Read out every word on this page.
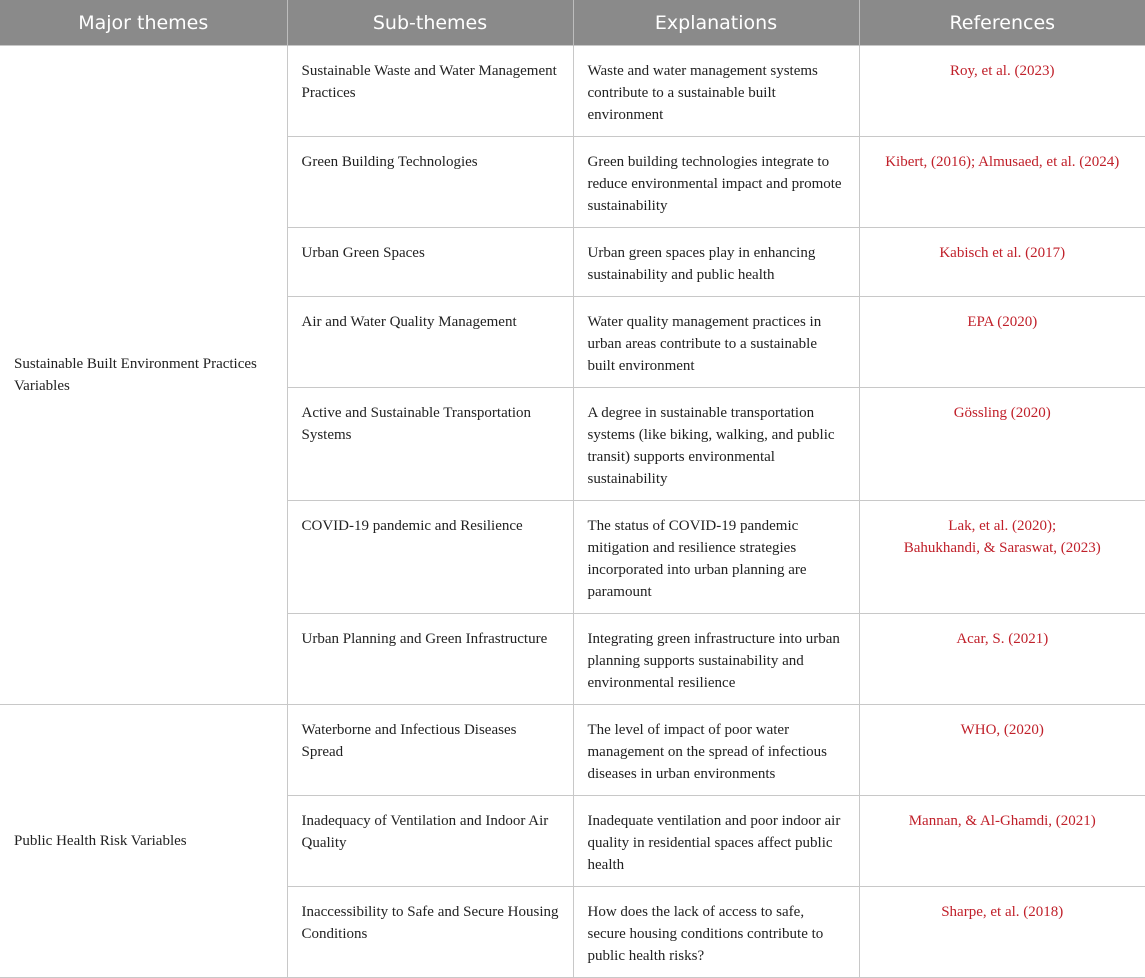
Major themes	Sub-themes	Explanations	References
Sustainable Built Environment Practices Variables	Sustainable Waste and Water Management Practices	Waste and water management systems contribute to a sustainable built environment	Roy, et al. (2023)

	Green Building Technologies	Green building technologies integrate to reduce environmental impact and promote sustainability	Kibert, (2016); Almusaed, et al. (2024)

	Urban Green Spaces	Urban green spaces play in enhancing sustainability and public health	Kabisch et al. (2017)

	Air and Water Quality Management	Water quality management practices in urban areas contribute to a sustainable built environment	EPA (2020)

	Active and Sustainable Transportation Systems	A degree in sustainable transportation systems (like biking, walking, and public transit) supports environmental sustainability	Gössling (2020)

	COVID-19 pandemic and Resilience	The status of COVID-19 pandemic mitigation and resilience strategies incorporated into urban planning are paramount	Lak, et al. (2020);
Bahukhandi, & Saraswat, (2023)

	Urban Planning and Green Infrastructure	Integrating green infrastructure into urban planning supports sustainability and environmental resilience	Acar, S. (2021)

Public Health Risk Variables	Waterborne and Infectious Diseases Spread	The level of impact of poor water management on the spread of infectious diseases in urban environments	WHO, (2020)

	Inadequacy of Ventilation and Indoor Air Quality	Inadequate ventilation and poor indoor air quality in residential spaces affect public health	Mannan, & Al-Ghamdi, (2021)

	Inaccessibility to Safe and Secure Housing Conditions	How does the lack of access to safe, secure housing conditions contribute to public health risks?	Sharpe, et al. (2018)
